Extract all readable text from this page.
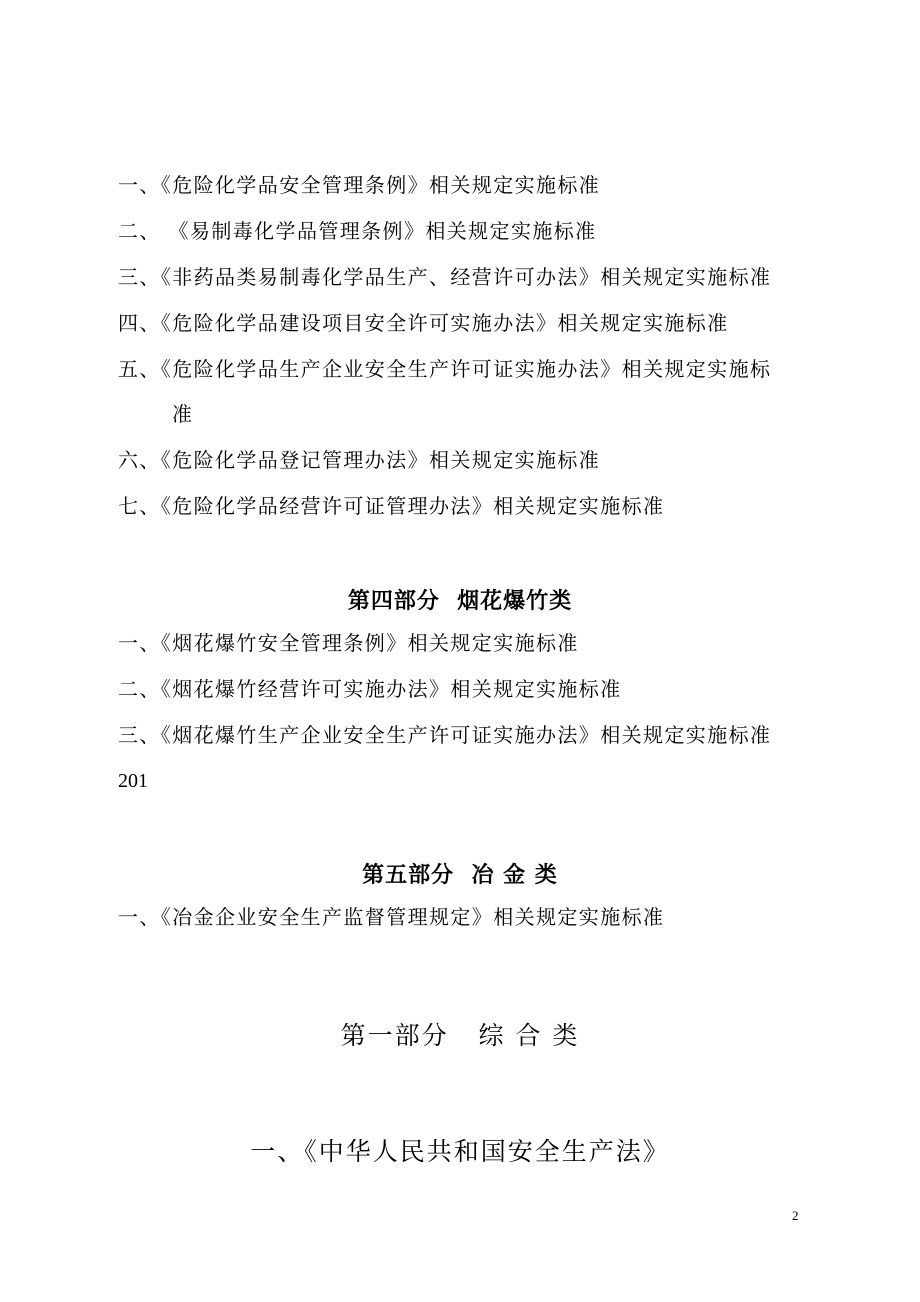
一、《危险化学品安全管理条例》相关规定实施标准
二、 《易制毒化学品管理条例》相关规定实施标准
三、《非药品类易制毒化学品生产、经营许可办法》相关规定实施标准
四、《危险化学品建设项目安全许可实施办法》相关规定实施标准
五、《危险化学品生产企业安全生产许可证实施办法》相关规定实施标
准
六、《危险化学品登记管理办法》相关规定实施标准
七、《危险化学品经营许可证管理办法》相关规定实施标准
第四部分  烟花爆竹类
一、《烟花爆竹安全管理条例》相关规定实施标准
二、《烟花爆竹经营许可实施办法》相关规定实施标准
三、《烟花爆竹生产企业安全生产许可证实施办法》相关规定实施标准
201
第五部分  冶 金 类
一、《冶金企业安全生产监督管理规定》相关规定实施标准
第一部分   综 合 类
一、《中华人民共和国安全生产法》
2
